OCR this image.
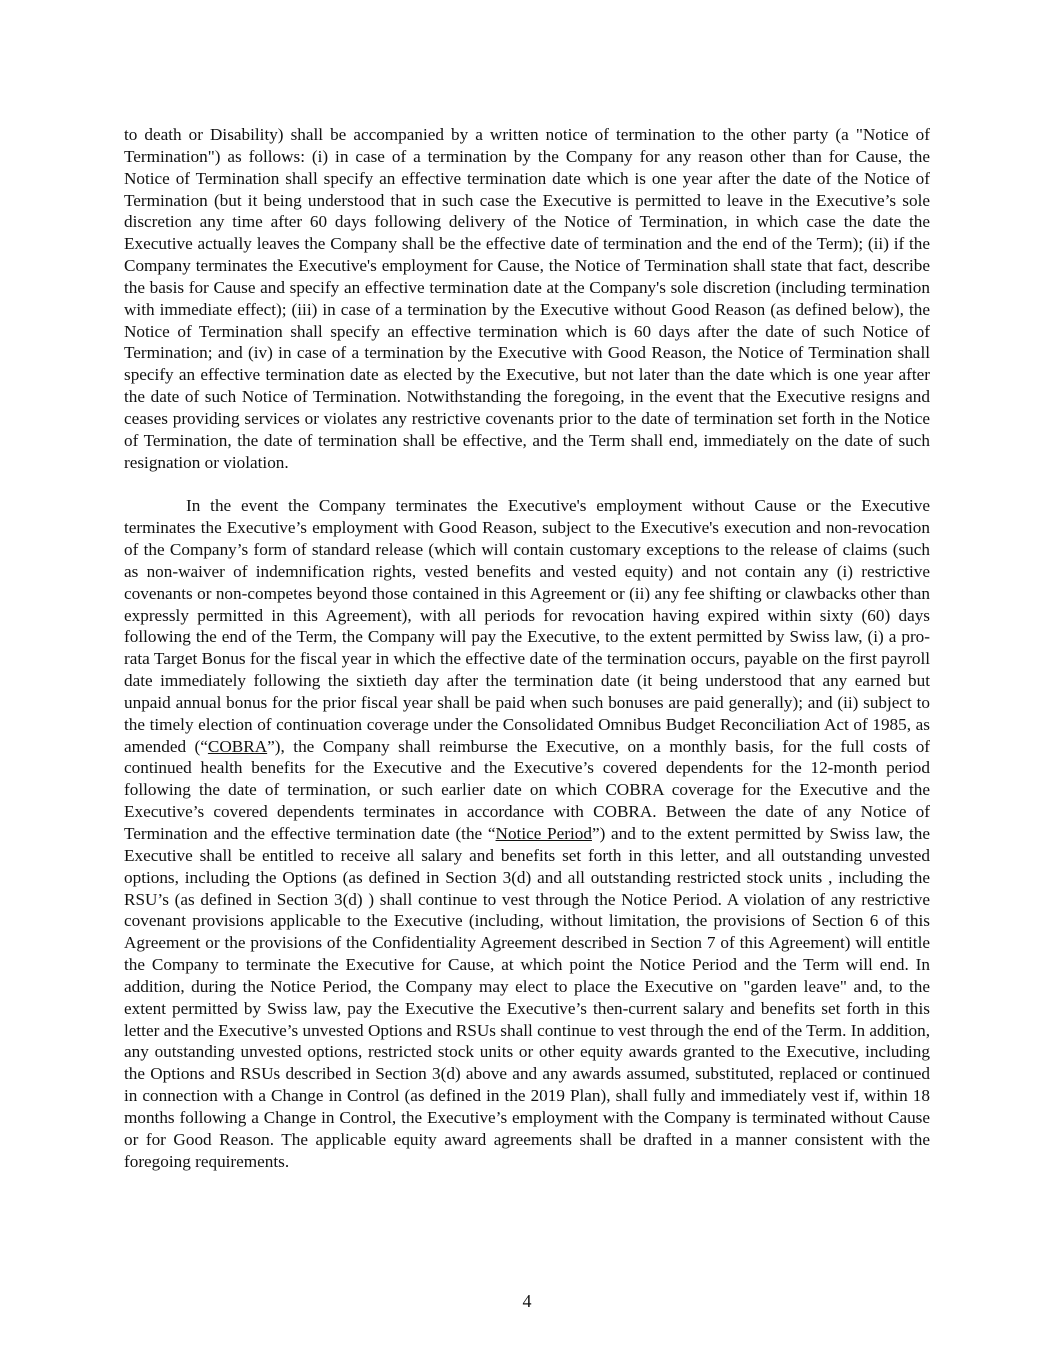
to death or Disability) shall be accompanied by a written notice of termination to the other party (a "Notice of Termination") as follows: (i) in case of a termination by the Company for any reason other than for Cause, the Notice of Termination shall specify an effective termination date which is one year after the date of the Notice of Termination (but it being understood that in such case the Executive is permitted to leave in the Executive’s sole discretion any time after 60 days following delivery of the Notice of Termination, in which case the date the Executive actually leaves the Company shall be the effective date of termination and the end of the Term); (ii) if the Company terminates the Executive's employment for Cause, the Notice of Termination shall state that fact, describe the basis for Cause and specify an effective termination date at the Company's sole discretion (including termination with immediate effect); (iii) in case of a termination by the Executive without Good Reason (as defined below), the Notice of Termination shall specify an effective termination which is 60 days after the date of such Notice of Termination; and (iv) in case of a termination by the Executive with Good Reason, the Notice of Termination shall specify an effective termination date as elected by the Executive, but not later than the date which is one year after the date of such Notice of Termination. Notwithstanding the foregoing, in the event that the Executive resigns and ceases providing services or violates any restrictive covenants prior to the date of termination set forth in the Notice of Termination, the date of termination shall be effective, and the Term shall end, immediately on the date of such resignation or violation.

In the event the Company terminates the Executive's employment without Cause or the Executive terminates the Executive’s employment with Good Reason, subject to the Executive's execution and non-revocation of the Company’s form of standard release (which will contain customary exceptions to the release of claims (such as non-waiver of indemnification rights, vested benefits and vested equity) and not contain any (i) restrictive covenants or non-competes beyond those contained in this Agreement or (ii) any fee shifting or clawbacks other than expressly permitted in this Agreement), with all periods for revocation having expired within sixty (60) days following the end of the Term, the Company will pay the Executive, to the extent permitted by Swiss law, (i) a pro-rata Target Bonus for the fiscal year in which the effective date of the termination occurs, payable on the first payroll date immediately following the sixtieth day after the termination date (it being understood that any earned but unpaid annual bonus for the prior fiscal year shall be paid when such bonuses are paid generally); and (ii) subject to the timely election of continuation coverage under the Consolidated Omnibus Budget Reconciliation Act of 1985, as amended (“COBRA”), the Company shall reimburse the Executive, on a monthly basis, for the full costs of continued health benefits for the Executive and the Executive’s covered dependents for the 12-month period following the date of termination, or such earlier date on which COBRA coverage for the Executive and the Executive’s covered dependents terminates in accordance with COBRA. Between the date of any Notice of Termination and the effective termination date (the “Notice Period”) and to the extent permitted by Swiss law, the Executive shall be entitled to receive all salary and benefits set forth in this letter, and all outstanding unvested options, including the Options (as defined in Section 3(d) and all outstanding restricted stock units , including the RSU’s (as defined in Section 3(d) ) shall continue to vest through the Notice Period. A violation of any restrictive covenant provisions applicable to the Executive (including, without limitation, the provisions of Section 6 of this Agreement or the provisions of the Confidentiality Agreement described in Section 7 of this Agreement) will entitle the Company to terminate the Executive for Cause, at which point the Notice Period and the Term will end. In addition, during the Notice Period, the Company may elect to place the Executive on "garden leave" and, to the extent permitted by Swiss law, pay the Executive the Executive’s then-current salary and benefits set forth in this letter and the Executive’s unvested Options and RSUs shall continue to vest through the end of the Term. In addition, any outstanding unvested options, restricted stock units or other equity awards granted to the Executive, including the Options and RSUs described in Section 3(d) above and any awards assumed, substituted, replaced or continued in connection with a Change in Control (as defined in the 2019 Plan), shall fully and immediately vest if, within 18 months following a Change in Control, the Executive’s employment with the Company is terminated without Cause or for Good Reason. The applicable equity award agreements shall be drafted in a manner consistent with the foregoing requirements.

4
